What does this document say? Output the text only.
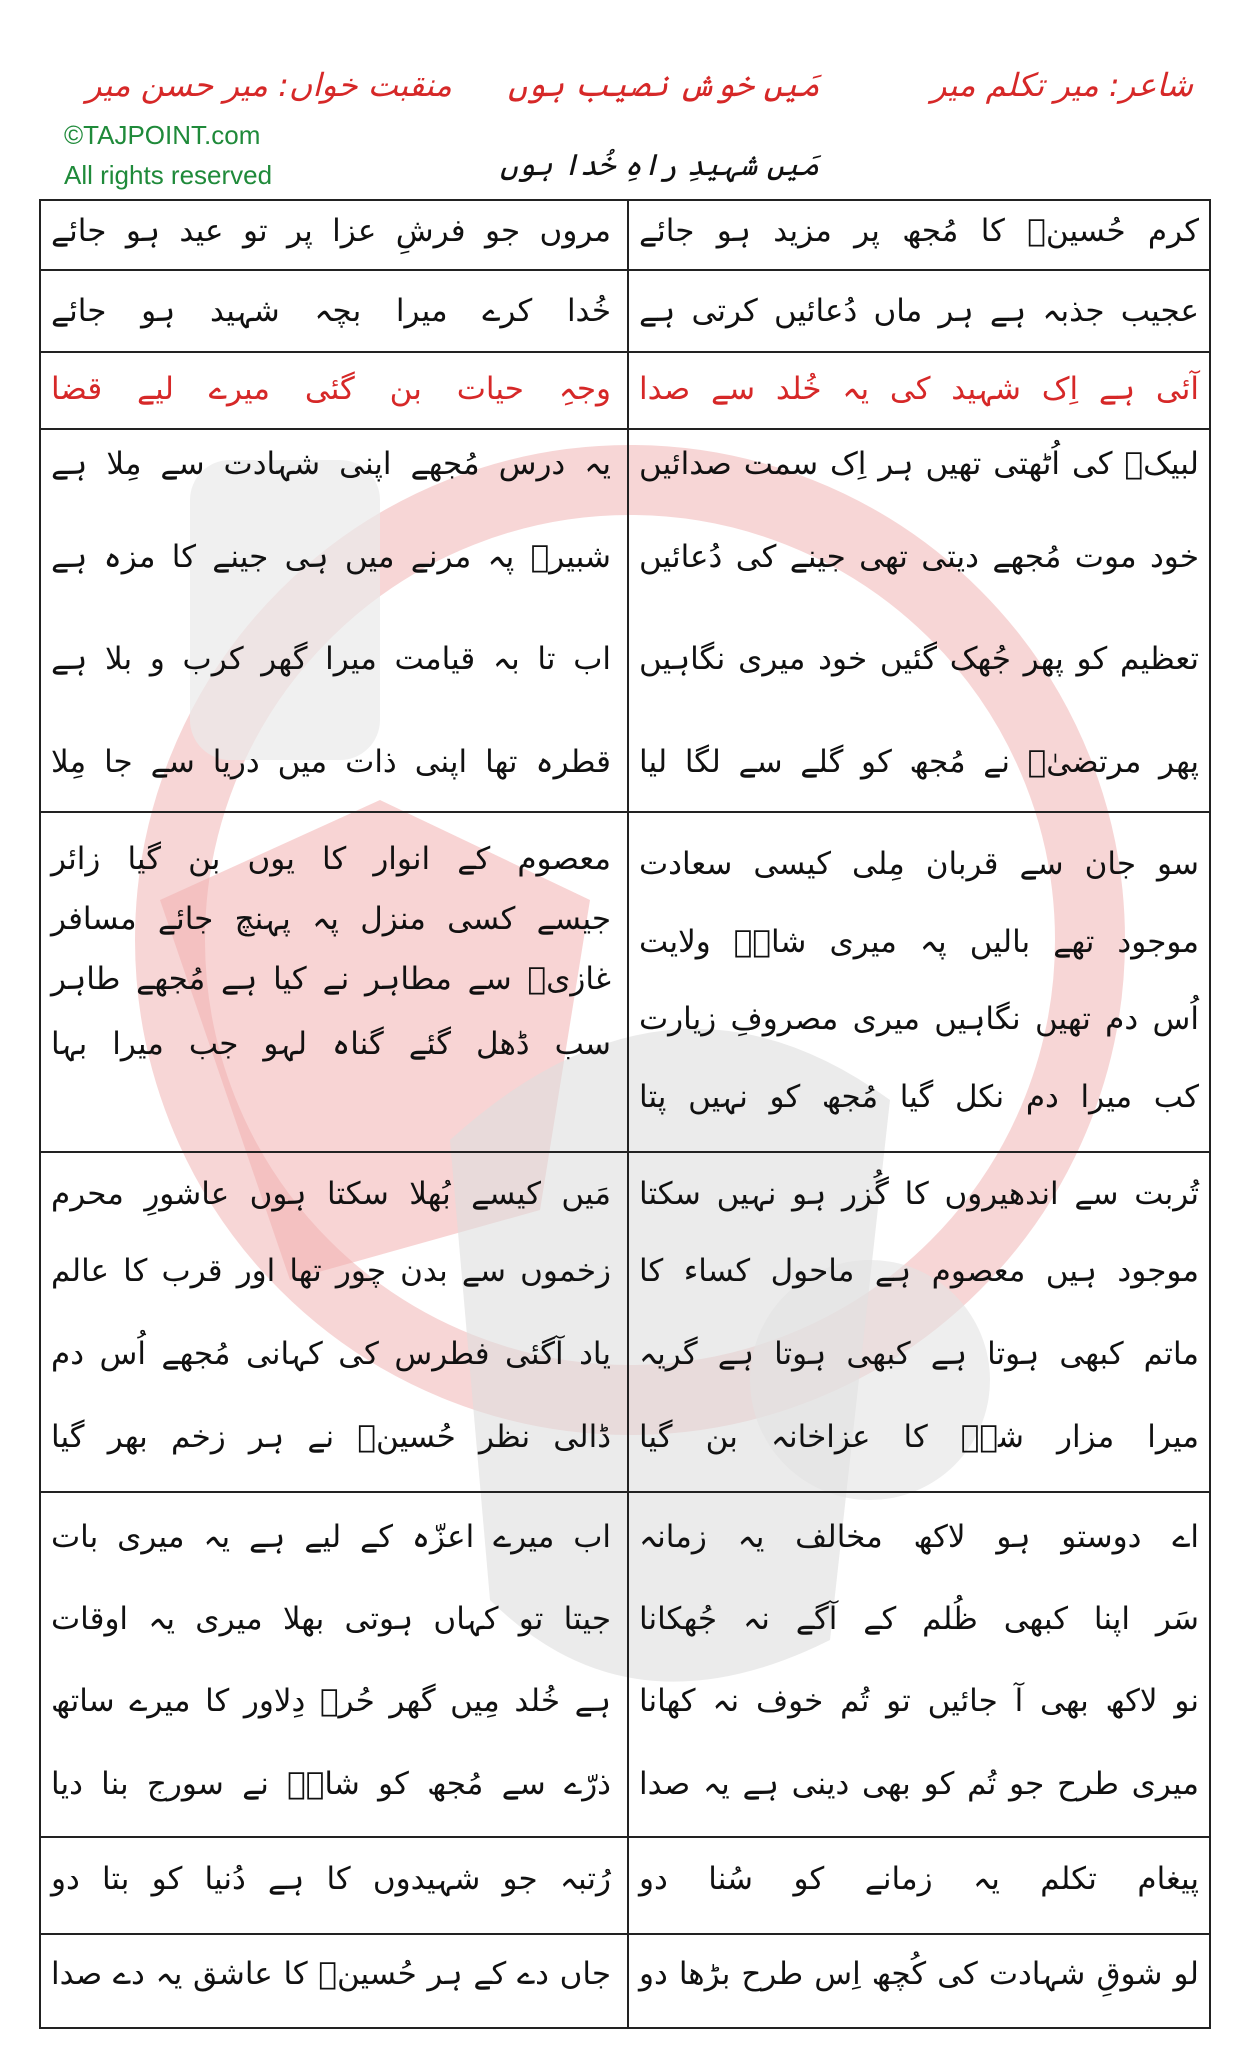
شاعر: میر تکلم میر
مَیں خوش نصیب ہوں
منقبت خواں: میر حسن میر
مَیں شہیدِ راہِ خُدا ہوں
©TAJPOINT.com
All rights reserved
کرم حُسینؑ کا مُجھ پر مزید ہو جائے
مروں جو فرشِ عزا پر تو عید ہو جائے
عجیب جذبہ ہے ہر ماں دُعائیں کرتی ہے
خُدا کرے میرا بچہ شہید ہو جائے
آئی ہے اِک شہید کی یہ خُلد سے صدا
وجہِ حیات بن گئی میرے لیے قضا
لبیکؑ کی اُٹھتی تھیں ہر اِک سمت صدائیں
خود موت مُجھے دیتی تھی جینے کی دُعائیں
تعظیم کو پھر جُھک گئیں خود میری نگاہیں
پھر مرتضیٰؑ نے مُجھ کو گلے سے لگا لیا
یہ درس مُجھے اپنی شہادت سے مِلا ہے
شبیرؑ پہ مرنے میں ہی جینے کا مزہ ہے
اب تا بہ قیامت میرا گھر کرب و بلا ہے
قطرہ تھا اپنی ذات میں دریا سے جا مِلا
سو جان سے قربان مِلی کیسی سعادت
موجود تھے بالیں پہ میری شاہؑ ولایت
اُس دم تھیں نگاہیں میری مصروفِ زیارت
کب میرا دم نکل گیا مُجھ کو نہیں پتا
معصوم کے انوار کا یوں بن گیا زائر
جیسے کسی منزل پہ پہنچ جائے مسافر
غازیؑ سے مطاہر نے کیا ہے مُجھے طاہر
سب ڈھل گئے گناہ لہو جب میرا بہا
تُربت سے اندھیروں کا گُزر ہو نہیں سکتا
موجود ہیں معصوم ہے ماحول کساء کا
ماتم کبھی ہوتا ہے کبھی ہوتا ہے گریہ
میرا مزار شہؑ کا عزاخانہ بن گیا
مَیں کیسے بُھلا سکتا ہوں عاشورِ محرم
زخموں سے بدن چور تھا اور قرب کا عالم
یاد آگئی فطرس کی کہانی مُجھے اُس دم
ڈالی نظر حُسینؑ نے ہر زخم بھر گیا
اے دوستو ہو لاکھ مخالف یہ زمانہ
سَر اپنا کبھی ظُلم کے آگے نہ جُھکانا
نو لاکھ بھی آ جائیں تو تُم خوف نہ کھانا
میری طرح جو تُم کو بھی دینی ہے یہ صدا
اب میرے اعزّہ کے لیے ہے یہ میری بات
جیتا تو کہاں ہوتی بھلا میری یہ اوقات
ہے خُلد مِیں گھر حُرؑ دِلاور کا میرے ساتھ
ذرّے سے مُجھ کو شاہؑ نے سورج بنا دیا
پیغام تکلم یہ زمانے کو سُنا دو
رُتبہ جو شہیدوں کا ہے دُنیا کو بتا دو
لو شوقِ شہادت کی کُچھ اِس طرح بڑھا دو
جاں دے کے ہر حُسینؑ کا عاشق یہ دے صدا
